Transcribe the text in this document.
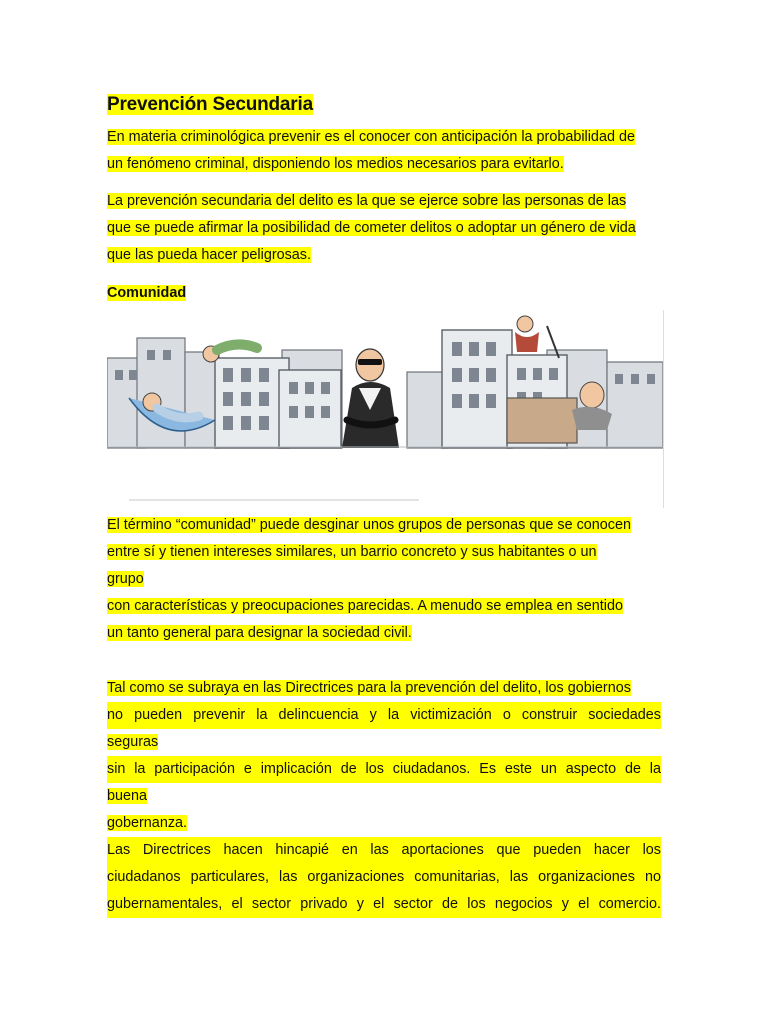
Prevención Secundaria

En materia criminológica prevenir es el conocer con anticipación la probabilidad de
un fenómeno criminal, disponiendo los medios necesarios para evitarlo.

La prevención secundaria del delito es la que se ejerce sobre las personas de las
que se puede afirmar la posibilidad de cometer delitos o adoptar un género de vida
que las pueda hacer peligrosas.

Comunidad

El término “comunidad” puede desginar unos grupos de personas que se conocen
entre sí y tienen intereses similares, un barrio concreto y sus habitantes o un
grupo
con características y preocupaciones parecidas. A menudo se emplea en sentido
un tanto general para designar la sociedad civil.

Tal como se subraya en las Directrices para la prevención del delito, los gobiernos
no pueden prevenir la delincuencia y la victimización o construir sociedades
seguras
sin la participación e implicación de los ciudadanos. Es este un aspecto de la
buena
gobernanza.
Las Directrices hacen hincapié en las aportaciones que pueden hacer los
ciudadanos particulares, las organizaciones comunitarias, las organizaciones no
gubernamentales, el sector privado y el sector de los negocios y el comercio.
